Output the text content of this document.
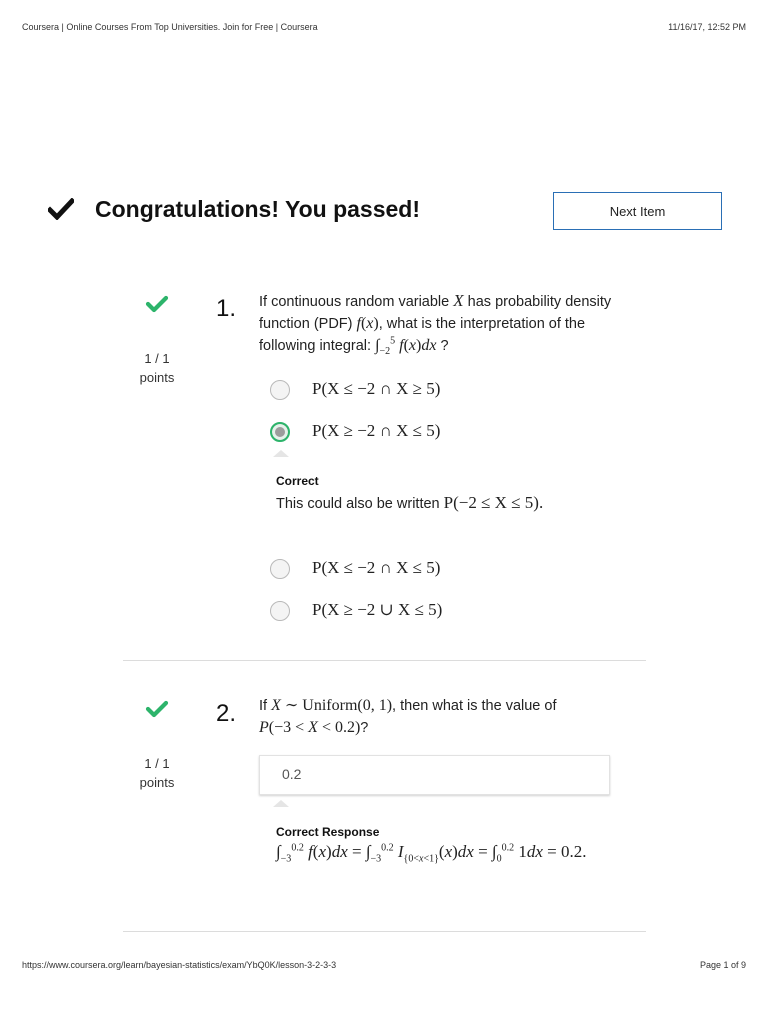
Coursera | Online Courses From Top Universities. Join for Free | Coursera	11/16/17, 12:52 PM
Congratulations! You passed!	Next Item
1 / 1
points
1. If continuous random variable X has probability density function (PDF) f(x), what is the interpretation of the following integral: $\int_{-2}^5$ f(x)dx ?
P(X ≤ −2 ∩ X ≥ 5)
P(X ≥ −2 ∩ X ≤ 5)
Correct
This could also be written P(−2 ≤ X ≤ 5).
P(X ≤ −2 ∩ X ≤ 5)
P(X ≥ −2 ∪ X ≤ 5)
1 / 1
points
2. If X ∼ Uniform(0, 1), then what is the value of
P(−3 < X < 0.2)?
0.2
Correct Response
$\int_{-3}^{0.2}$ $f(x)dx = \int_{-3}^{0.2}$ $I_{\{0<x<1\}}(x)dx = \int_0^{0.2}$ 1dx = 0.2.
https://www.coursera.org/learn/bayesian-statistics/exam/YbQ0K/lesson-3-2-3-3	Page 1 of 9
